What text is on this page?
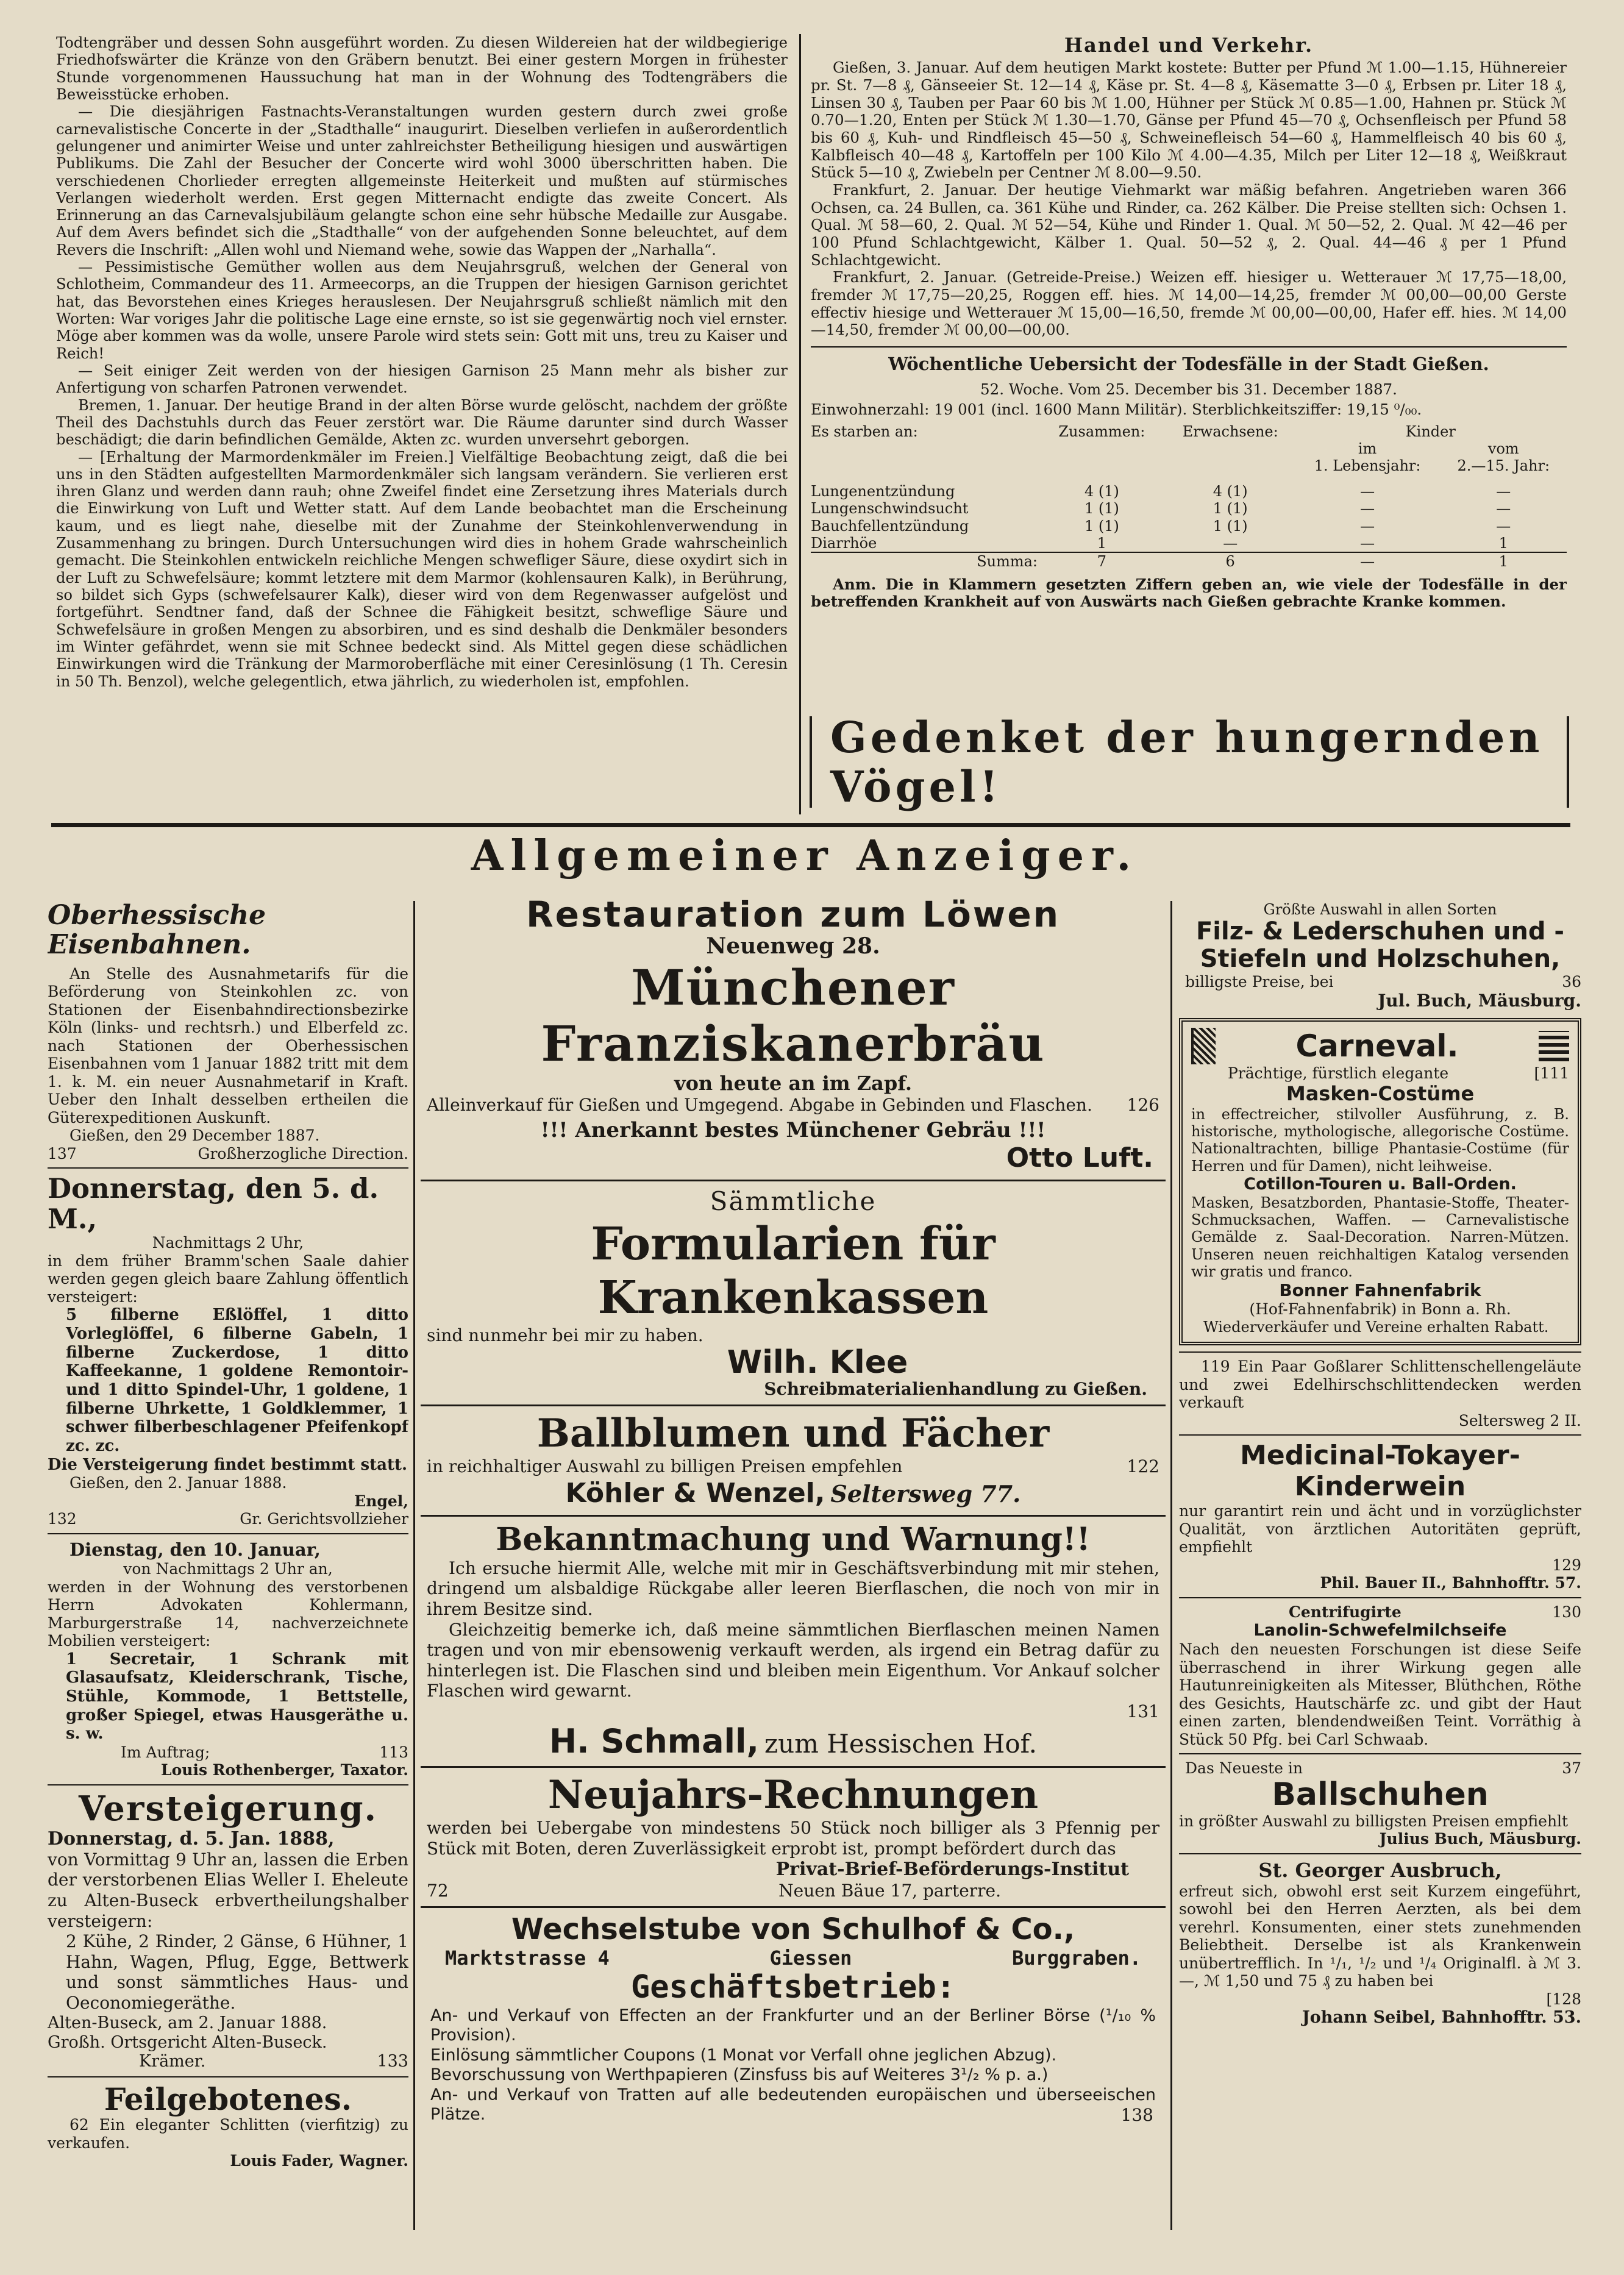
Todtengräber und dessen Sohn ausgeführt worden. Zu diesen Wildereien hat der wildbegierige Friedhofswärter die Kränze von den Gräbern benutzt. Bei einer gestern Morgen in frühester Stunde vorgenommenen Haussuchung hat man in der Wohnung des Todtengräbers die Beweisstücke erhoben.

— Die diesjährigen Fastnachts-Veranstaltungen wurden gestern durch zwei große carnevalistische Concerte in der „Stadthalle“ inaugurirt. Dieselben verliefen in außerordentlich gelungener und animirter Weise und unter zahlreichster Betheiligung hiesigen und auswärtigen Publikums. Die Zahl der Besucher der Concerte wird wohl 3000 überschritten haben. Die verschiedenen Chorlieder erregten allgemeinste Heiterkeit und mußten auf stürmisches Verlangen wiederholt werden. Erst gegen Mitternacht endigte das zweite Concert. Als Erinnerung an das Carnevalsjubiläum gelangte schon eine sehr hübsche Medaille zur Ausgabe. Auf dem Avers befindet sich die „Stadthalle“ von der aufgehenden Sonne beleuchtet, auf dem Revers die Inschrift: „Allen wohl und Niemand wehe, sowie das Wappen der „Narhalla“.

— Pessimistische Gemüther wollen aus dem Neujahrsgruß, welchen der General von Schlotheim, Commandeur des 11. Armeecorps, an die Truppen der hiesigen Garnison gerichtet hat, das Bevorstehen eines Krieges herauslesen. Der Neujahrsgruß schließt nämlich mit den Worten: War voriges Jahr die politische Lage eine ernste, so ist sie gegenwärtig noch viel ernster. Möge aber kommen was da wolle, unsere Parole wird stets sein: Gott mit uns, treu zu Kaiser und Reich!

— Seit einiger Zeit werden von der hiesigen Garnison 25 Mann mehr als bisher zur Anfertigung von scharfen Patronen verwendet.

Bremen, 1. Januar. Der heutige Brand in der alten Börse wurde gelöscht, nachdem der größte Theil des Dachstuhls durch das Feuer zerstört war. Die Räume darunter sind durch Wasser beschädigt; die darin befindlichen Gemälde, Akten zc. wurden unversehrt geborgen.

— [Erhaltung der Marmordenkmäler im Freien.] Vielfältige Beobachtung zeigt, daß die bei uns in den Städten aufgestellten Marmordenkmäler sich langsam verändern. Sie verlieren erst ihren Glanz und werden dann rauh; ohne Zweifel findet eine Zersetzung ihres Materials durch die Einwirkung von Luft und Wetter statt. Auf dem Lande beobachtet man die Erscheinung kaum, und es liegt nahe, dieselbe mit der Zunahme der Steinkohlenverwendung in Zusammenhang zu bringen. Durch Untersuchungen wird dies in hohem Grade wahrscheinlich gemacht. Die Steinkohlen entwickeln reichliche Mengen schwefliger Säure, diese oxydirt sich in der Luft zu Schwefelsäure; kommt letztere mit dem Marmor (kohlensauren Kalk), in Berührung, so bildet sich Gyps (schwefelsaurer Kalk), dieser wird von dem Regenwasser aufgelöst und fortgeführt. Sendtner fand, daß der Schnee die Fähigkeit besitzt, schweflige Säure und Schwefelsäure in großen Mengen zu absorbiren, und es sind deshalb die Denkmäler besonders im Winter gefährdet, wenn sie mit Schnee bedeckt sind. Als Mittel gegen diese schädlichen Einwirkungen wird die Tränkung der Marmoroberfläche mit einer Ceresinlösung (1 Th. Ceresin in 50 Th. Benzol), welche gelegentlich, etwa jährlich, zu wiederholen ist, empfohlen.

Handel und Verkehr.

Gießen, 3. Januar. Auf dem heutigen Markt kostete: Butter per Pfund ℳ 1.00—1.15, Hühnereier pr. St. 7—8 ₰, Gänseeier St. 12—14 ₰, Käse pr. St. 4—8 ₰, Käsematte 3—0 ₰, Erbsen pr. Liter 18 ₰, Linsen 30 ₰, Tauben per Paar 60 bis ℳ 1.00, Hühner per Stück ℳ 0.85—1.00, Hahnen pr. Stück ℳ 0.70—1.20, Enten per Stück ℳ 1.30—1.70, Gänse per Pfund 45—70 ₰, Ochsenfleisch per Pfund 58 bis 60 ₰, Kuh- und Rindfleisch 45—50 ₰, Schweinefleisch 54—60 ₰, Hammelfleisch 40 bis 60 ₰, Kalbfleisch 40—48 ₰, Kartoffeln per 100 Kilo ℳ 4.00—4.35, Milch per Liter 12—18 ₰, Weißkraut Stück 5—10 ₰, Zwiebeln per Centner ℳ 8.00—9.50.

Frankfurt, 2. Januar. Der heutige Viehmarkt war mäßig befahren. Angetrieben waren 366 Ochsen, ca. 24 Bullen, ca. 361 Kühe und Rinder, ca. 262 Kälber. Die Preise stellten sich: Ochsen 1. Qual. ℳ 58—60, 2. Qual. ℳ 52—54, Kühe und Rinder 1. Qual. ℳ 50—52, 2. Qual. ℳ 42—46 per 100 Pfund Schlachtgewicht, Kälber 1. Qual. 50—52 ₰, 2. Qual. 44—46 ₰ per 1 Pfund Schlachtgewicht.

Frankfurt, 2. Januar. (Getreide-Preise.) Weizen eff. hiesiger u. Wetterauer ℳ 17,75—18,00, fremder ℳ 17,75—20,25, Roggen eff. hies. ℳ 14,00—14,25, fremder ℳ 00,00—00,00 Gerste effectiv hiesige und Wetterauer ℳ 15,00—16,50, fremde ℳ 00,00—00,00, Hafer eff. hies. ℳ 14,00—14,50, fremder ℳ 00,00—00,00.

Wöchentliche Uebersicht der Todesfälle in der Stadt Gießen.
52. Woche. Vom 25. December bis 31. December 1887.
Einwohnerzahl: 19 001 (incl. 1600 Mann Militär). Sterblichkeitsziffer: 19,15 ⁰/₀₀.
Es starben an:	Zusammen:	Erwachsene:	Kinder	
			im	vom
			1. Lebensjahr:	2.—15. Jahr:

Lungenentzündung	4 (1)	4 (1)	—	—
Lungenschwindsucht	1 (1)	1 (1)	—	—
Bauchfellentzündung	1 (1)	1 (1)	—	—
Diarrhöe	1	—	—	1
Summa:	7	6	—	1

Anm. Die in Klammern gesetzten Ziffern geben an, wie viele der Todesfälle in der betreffenden Krankheit auf von Auswärts nach Gießen gebrachte Kranke kommen.

Gedenket der hungernden Vögel!
Allgemeiner Anzeiger.
Oberhessische Eisenbahnen.

An Stelle des Ausnahmetarifs für die Beförderung von Steinkohlen zc. von Stationen der Eisenbahndirectionsbezirke Köln (links- und rechtsrh.) und Elberfeld zc. nach Stationen der Oberhessischen Eisenbahnen vom 1 Januar 1882 tritt mit dem 1. k. M. ein neuer Ausnahmetarif in Kraft. Ueber den Inhalt desselben ertheilen die Güterexpeditionen Auskunft.

Gießen, den 29 December 1887.
137	Großherzogliche Direction.
Donnerstag, den 5. d. M.,
Nachmittags 2 Uhr,

in dem früher Bramm'schen Saale dahier werden gegen gleich baare Zahlung öffentlich versteigert:

5 filberne Eßlöffel, 1 ditto Vorleglöffel, 6 filberne Gabeln, 1 filberne Zuckerdose, 1 ditto Kaffeekanne, 1 goldene Remontoir- und 1 ditto Spindel-Uhr, 1 goldene, 1 filberne Uhrkette, 1 Goldklemmer, 1 schwer filberbeschlagener Pfeifenkopf zc. zc.

Die Versteigerung findet bestimmt statt.

Gießen, den 2. Januar 1888.
Engel,
132	Gr. Gerichtsvollzieher
Dienstag, den 10. Januar,
von Nachmittags 2 Uhr an,

werden in der Wohnung des verstorbenen Herrn Advokaten Kohlermann, Marburgerstraße 14, nachverzeichnete Mobilien versteigert:

1 Secretair, 1 Schrank mit Glasaufsatz, Kleiderschrank, Tische, Stühle, Kommode, 1 Bettstelle, großer Spiegel, etwas Hausgeräthe u. s. w.

Im Auftrag;	113
Louis Rothenberger, Taxator.
Versteigerung.
Donnerstag, d. 5. Jan. 1888,

von Vormittag 9 Uhr an, lassen die Erben der verstorbenen Elias Weller I. Eheleute zu Alten-Buseck erbvertheilungshalber versteigern:

2 Kühe, 2 Rinder, 2 Gänse, 6 Hühner, 1 Hahn, Wagen, Pflug, Egge, Bettwerk und sonst sämmtliches Haus- und Oeconomiegeräthe.

Alten-Buseck, am 2. Januar 1888.
Großh. Ortsgericht Alten-Buseck.
Krämer.	133
Feilgebotenes.

62 Ein eleganter Schlitten (vierfitzig) zu verkaufen.

Louis Fader, Wagner.
Restauration zum Löwen
Neuenweg 28.
Münchener Franziskanerbräu
von heute an im Zapf.

Alleinverkauf für Gießen und Umgegend. Abgabe in Gebinden und Flaschen.	126
!!! Anerkannt bestes Münchener Gebräu !!!
Otto Luft.
Sämmtliche
Formularien für Krankenkassen
sind nunmehr bei mir zu haben.
Wilh. Klee
Schreibmaterialienhandlung zu Gießen.
Ballblumen und Fächer
in reichhaltiger Auswahl zu billigen Preisen empfehlen	122
Köhler & Wenzel, Seltersweg 77.
Bekanntmachung und Warnung!!

Ich ersuche hiermit Alle, welche mit mir in Geschäftsverbindung mit mir stehen, dringend um alsbaldige Rückgabe aller leeren Bierflaschen, die noch von mir in ihrem Besitze sind.

Gleichzeitig bemerke ich, daß meine sämmtlichen Bierflaschen meinen Namen tragen und von mir ebensowenig verkauft werden, als irgend ein Betrag dafür zu hinterlegen ist. Die Flaschen sind und bleiben mein Eigenthum. Vor Ankauf solcher Flaschen wird gewarnt.

131
H. Schmall, zum Hessischen Hof.
Neujahrs-Rechnungen

werden bei Uebergabe von mindestens 50 Stück noch billiger als 3 Pfennig per Stück mit Boten, deren Zuverlässigkeit erprobt ist, prompt befördert durch das

Privat-Brief-Beförderungs-Institut
72	Neuen Bäue 17, parterre.
Wechselstube von Schulhof & Co.,
Marktstrasse 4	Giessen	Burggraben.
Geschäftsbetrieb:

An- und Verkauf von Effecten an der Frankfurter und an der Berliner Börse (¹/₁₀ % Provision).

Einlösung sämmtlicher Coupons (1 Monat vor Verfall ohne jeglichen Abzug).

Bevorschussung von Werthpapieren (Zinsfuss bis auf Weiteres 3¹/₂ % p. a.)

An- und Verkauf von Tratten auf alle bedeutenden europäischen und überseeischen Plätze.	138
Größte Auswahl in allen Sorten
Filz- & Lederschuhen und -Stiefeln und Holzschuhen,
billigste Preise, bei	36
Jul. Buch, Mäusburg.
Carneval.
Prächtige, fürstlich elegante	[111
Masken-Costüme

in effectreicher, stilvoller Ausführung, z. B. historische, mythologische, allegorische Costüme. Nationaltrachten, billige Phantasie-Costüme (für Herren und für Damen), nicht leihweise.

Cotillon-Touren u. Ball-Orden.

Masken, Besatzborden, Phantasie-Stoffe, Theater-Schmucksachen, Waffen. — Carnevalistische Gemälde z. Saal-Decoration. Narren-Mützen. Unseren neuen reichhaltigen Katalog versenden wir gratis und franco.

Bonner Fahnenfabrik
(Hof-Fahnenfabrik) in Bonn a. Rh.

Wiederverkäufer und Vereine erhalten Rabatt.

119 Ein Paar Goßlarer Schlittenschellengeläute und zwei Edelhirschschlittendecken werden verkauft

Seltersweg 2 II.
Medicinal-Tokayer-Kinderwein

nur garantirt rein und ächt und in vorzüglichster Qualität, von ärztlichen Autoritäten geprüft, empfiehlt

129
Phil. Bauer II., Bahnhofftr. 57.
Centrifugirte	130
Lanolin-Schwefelmilchseife

Nach den neuesten Forschungen ist diese Seife überraschend in ihrer Wirkung gegen alle Hautunreinigkeiten als Mitesser, Blüthchen, Röthe des Gesichts, Hautschärfe zc. und gibt der Haut einen zarten, blendendweißen Teint. Vorräthig à Stück 50 Pfg. bei Carl Schwaab.

Das Neueste in	37
Ballschuhen

in größter Auswahl zu billigsten Preisen empfiehlt

Julius Buch, Mäusburg.
St. Georger Ausbruch,

erfreut sich, obwohl erst seit Kurzem eingeführt, sowohl bei den Herren Aerzten, als bei dem verehrl. Konsumenten, einer stets zunehmenden Beliebtheit. Derselbe ist als Krankenwein unübertrefflich. In ¹/₁, ¹/₂ und ¹/₄ Originalfl. à ℳ 3.—, ℳ 1,50 und 75 ₰ zu haben bei

[128
Johann Seibel, Bahnhofftr. 53.
